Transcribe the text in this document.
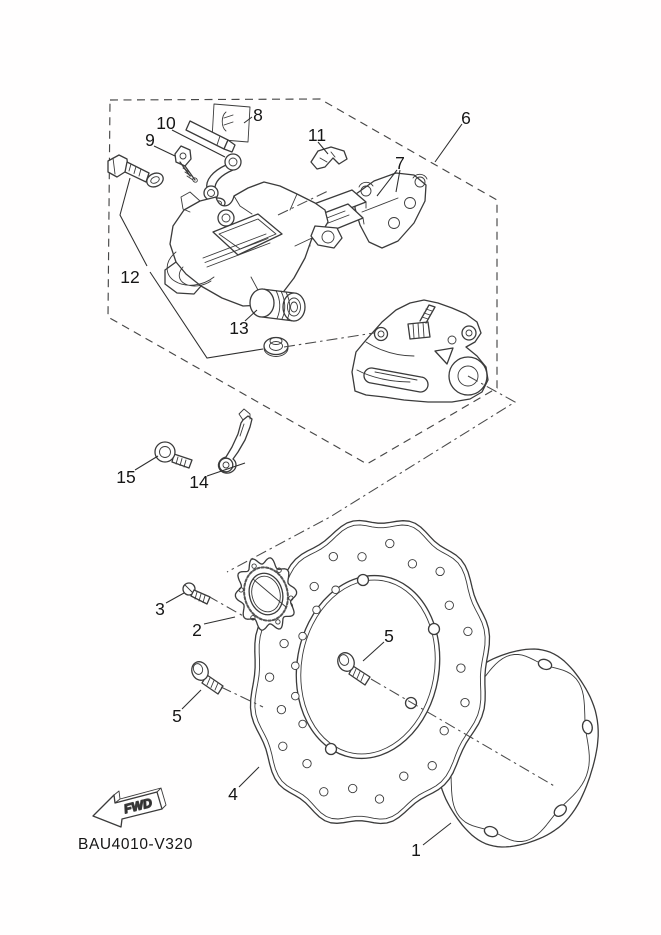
1
2
3
4
5
5
6
7
8
9
10
11
12
13
14
15
FWD
BAU4010-V320
